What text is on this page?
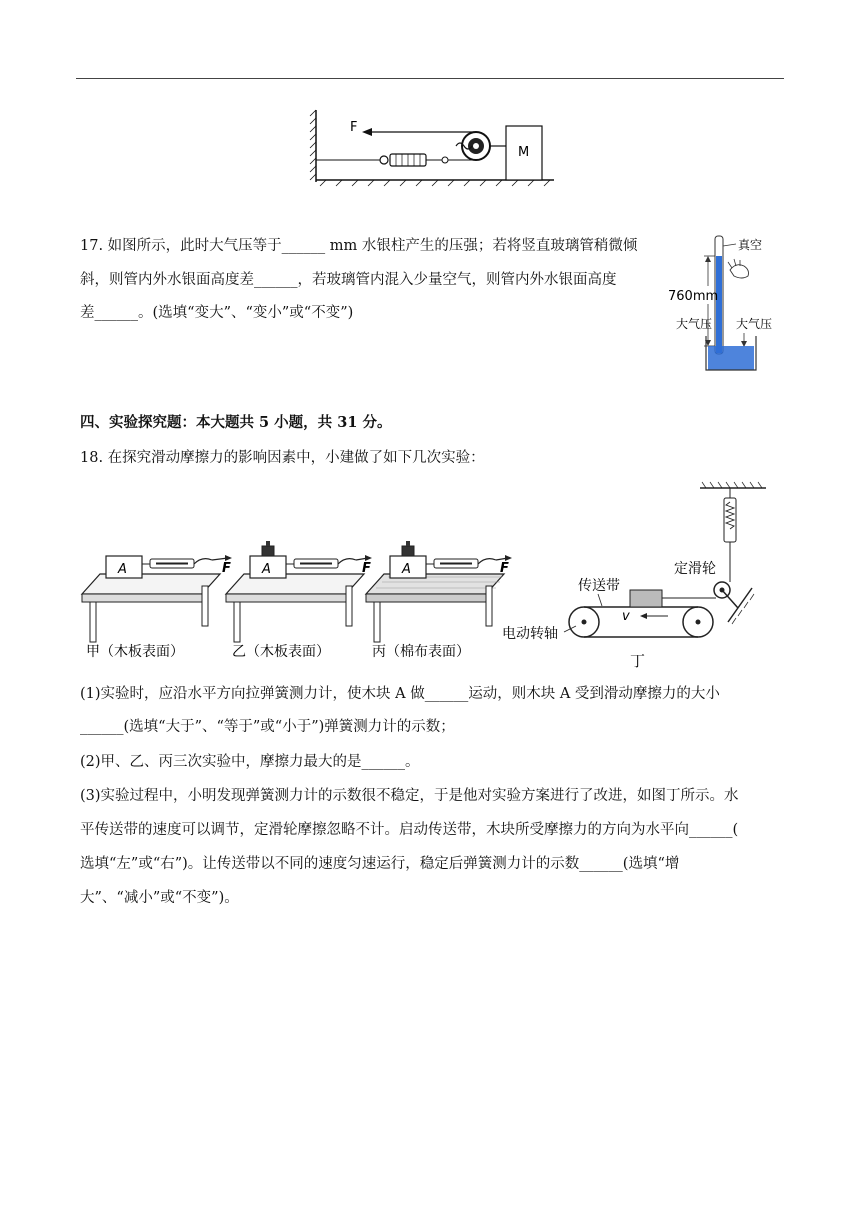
F
M
17. 如图所示，此时大气压等于______ mm 水银柱产生的压强；若将竖直玻璃管稍微倾
斜，则管内外水银面高度差______，若玻璃管内混入少量空气，则管内外水银面高度
差______。(选填“变大”、“变小”或“不变”)
真空
760mm
大气压 大气压
四、实验探究题：本大题共 5 小题，共 31 分。
18. 在探究滑动摩擦力的影响因素中，小建做了如下几次实验：
A	F
甲（木板表面）
A	F
乙（木板表面）
A	F
丙（棉布表面）
定滑轮
传送带
v
电动转轴
丁
(1)实验时，应沿水平方向拉弹簧测力计，使木块 A 做______运动，则木块 A 受到滑动摩擦力的大小
______(选填“大于”、“等于”或“小于”)弹簧测力计的示数；
(2)甲、乙、丙三次实验中，摩擦力最大的是______。
(3)实验过程中，小明发现弹簧测力计的示数很不稳定，于是他对实验方案进行了改进，如图丁所示。水
平传送带的速度可以调节，定滑轮摩擦忽略不计。启动传送带，木块所受摩擦力的方向为水平向______(
选填“左”或“右”)。让传送带以不同的速度匀速运行，稳定后弹簧测力计的示数______(选填“增
大”、“减小”或“不变”)。
